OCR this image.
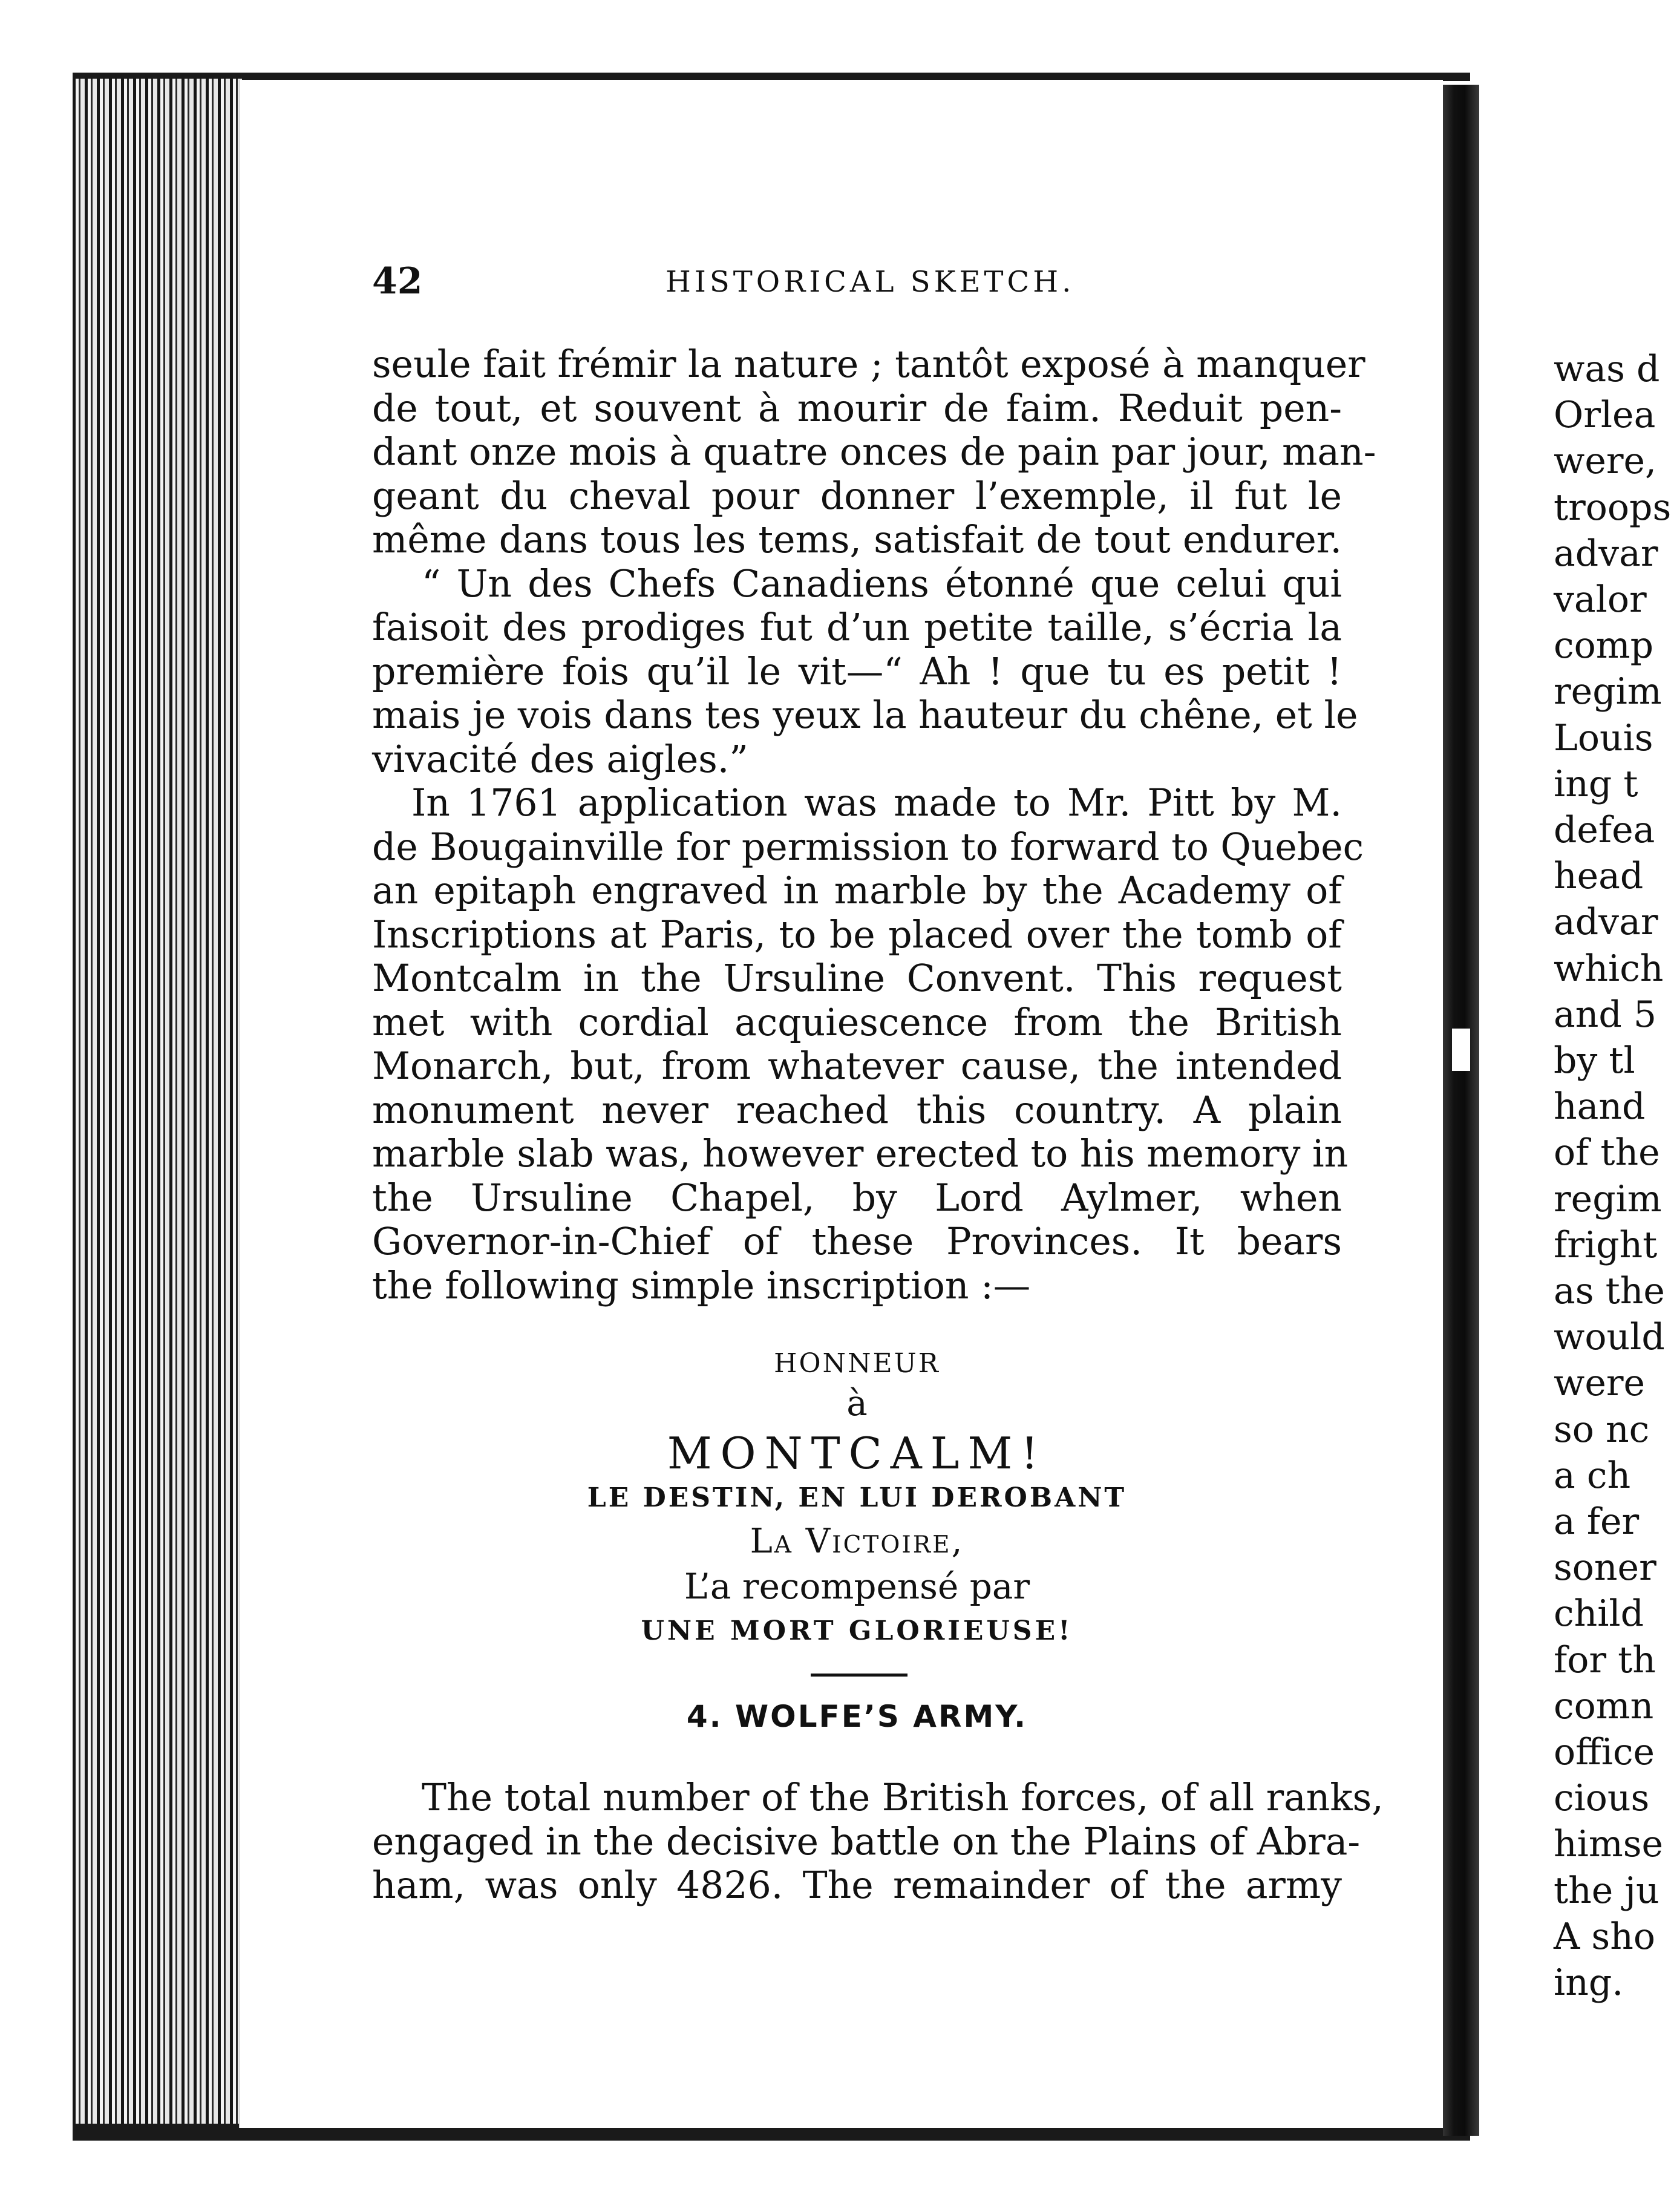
42	HISTORICAL SKETCH.
seule fait frémir la nature ; tantôt exposé à manquer
de tout, et souvent à mourir de faim. Reduit pen-
dant onze mois à quatre onces de pain par jour, man-
geant du cheval pour donner l’exemple, il fut le
même dans tous les tems, satisfait de tout endurer.
“ Un des Chefs Canadiens étonné que celui qui
faisoit des prodiges fut d’un petite taille, s’écria la
première fois qu’il le vit—“ Ah ! que tu es petit !
mais je vois dans tes yeux la hauteur du chêne, et le
vivacité des aigles.”
In 1761 application was made to Mr. Pitt by M.
de Bougainville for permission to forward to Quebec
an epitaph engraved in marble by the Academy of
Inscriptions at Paris, to be placed over the tomb of
Montcalm in the Ursuline Convent. This request
met with cordial acquiescence from the British
Monarch, but, from whatever cause, the intended
monument never reached this country. A plain
marble slab was, however erected to his memory in
the Ursuline Chapel, by Lord Aylmer, when
Governor-in-Chief of these Provinces. It bears
the following simple inscription :—
HONNEUR
à
MONTCALM!
LE DESTIN, EN LUI DEROBANT
La Victoire,
L’a recompensé par
UNE MORT GLORIEUSE!
4. WOLFE’S ARMY.
The total number of the British forces, of all ranks,
engaged in the decisive battle on the Plains of Abra-
ham, was only 4826. The remainder of the army
was d
Orlea
were,
troops
advar
valor
comp
regim
Louis
ing t
defea
head
advar
which
and 5
by tl
hand
of the
regim
fright
as the
would
were
so nc
a ch
a fer
soner
child
for th
comn
office
cious
himse
the ju
A sho
ing.
